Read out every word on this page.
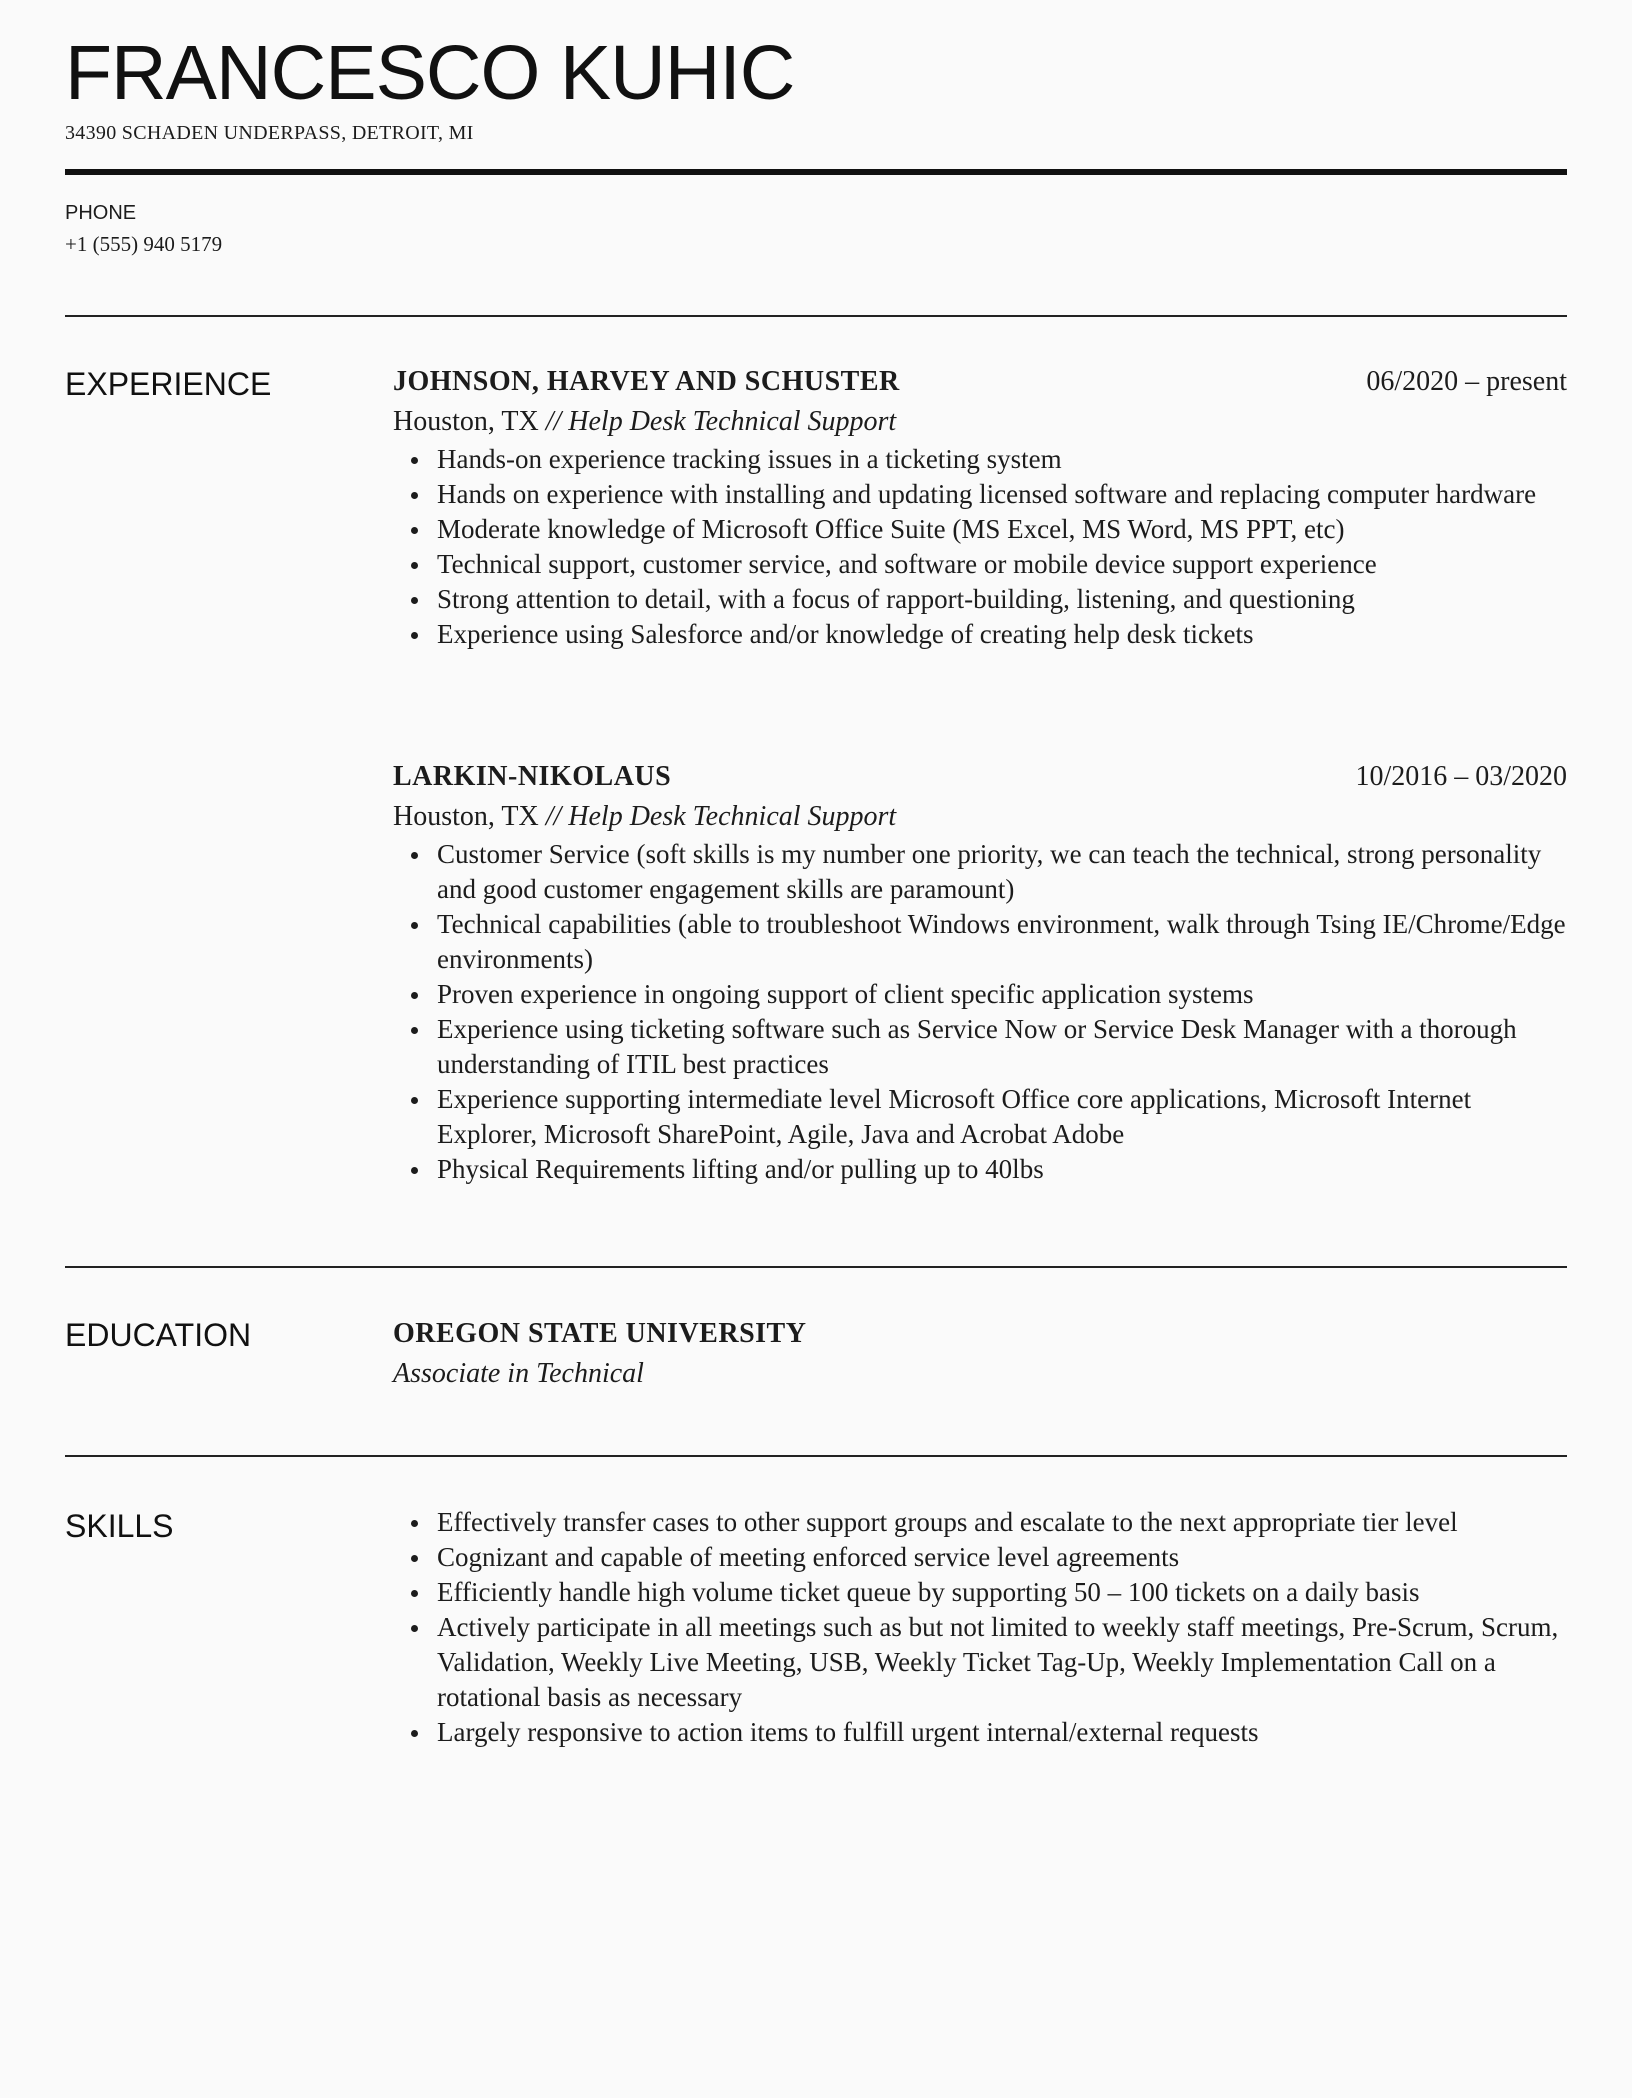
FRANCESCO KUHIC
34390 SCHADEN UNDERPASS, DETROIT, MI
PHONE
+1 (555) 940 5179
EXPERIENCE	JOHNSON, HARVEY AND SCHUSTER	06/2020 – present
Houston, TX // Help Desk Technical Support
Hands-on experience tracking issues in a ticketing system
Hands on experience with installing and updating licensed software and replacing computer hardware
Moderate knowledge of Microsoft Office Suite (MS Excel, MS Word, MS PPT, etc)
Technical support, customer service, and software or mobile device support experience
Strong attention to detail, with a focus of rapport-building, listening, and questioning
Experience using Salesforce and/or knowledge of creating help desk tickets
LARKIN-NIKOLAUS	10/2016 – 03/2020
Houston, TX // Help Desk Technical Support
Customer Service (soft skills is my number one priority, we can teach the technical, strong personality and good customer engagement skills are paramount)
Technical capabilities (able to troubleshoot Windows environment, walk through Tsing IE/Chrome/Edge environments)
Proven experience in ongoing support of client specific application systems
Experience using ticketing software such as Service Now or Service Desk Manager with a thorough understanding of ITIL best practices
Experience supporting intermediate level Microsoft Office core applications, Microsoft Internet Explorer, Microsoft SharePoint, Agile, Java and Acrobat Adobe
Physical Requirements lifting and/or pulling up to 40lbs
EDUCATION	OREGON STATE UNIVERSITY
Associate in Technical
SKILLS	Effectively transfer cases to other support groups and escalate to the next appropriate tier level
Cognizant and capable of meeting enforced service level agreements
Efficiently handle high volume ticket queue by supporting 50 – 100 tickets on a daily basis
Actively participate in all meetings such as but not limited to weekly staff meetings, Pre-Scrum, Scrum, Validation, Weekly Live Meeting, USB, Weekly Ticket Tag-Up, Weekly Implementation Call on a rotational basis as necessary
Largely responsive to action items to fulfill urgent internal/external requests
